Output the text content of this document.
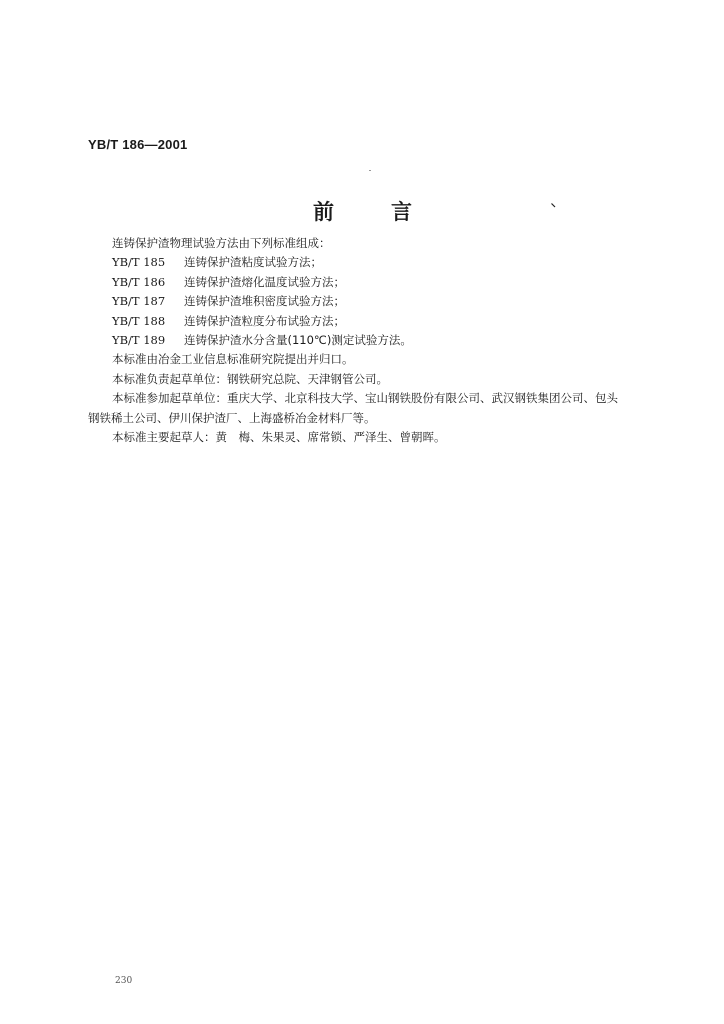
YB/T 186—2001
前	言
连铸保护渣物理试验方法由下列标准组成：
YB/T 185 连铸保护渣粘度试验方法；
YB/T 186 连铸保护渣熔化温度试验方法；
YB/T 187 连铸保护渣堆积密度试验方法；
YB/T 188 连铸保护渣粒度分布试验方法；
YB/T 189 连铸保护渣水分含量(110℃)测定试验方法。
本标准由冶金工业信息标准研究院提出并归口。
本标准负责起草单位：钢铁研究总院、天津钢管公司。
本标准参加起草单位：重庆大学、北京科技大学、宝山钢铁股份有限公司、武汉钢铁集团公司、包头
钢铁稀土公司、伊川保护渣厂、上海盛桥冶金材料厂等。
本标准主要起草人：黄　梅、朱果灵、席常锁、严泽生、曾朝晖。
230
